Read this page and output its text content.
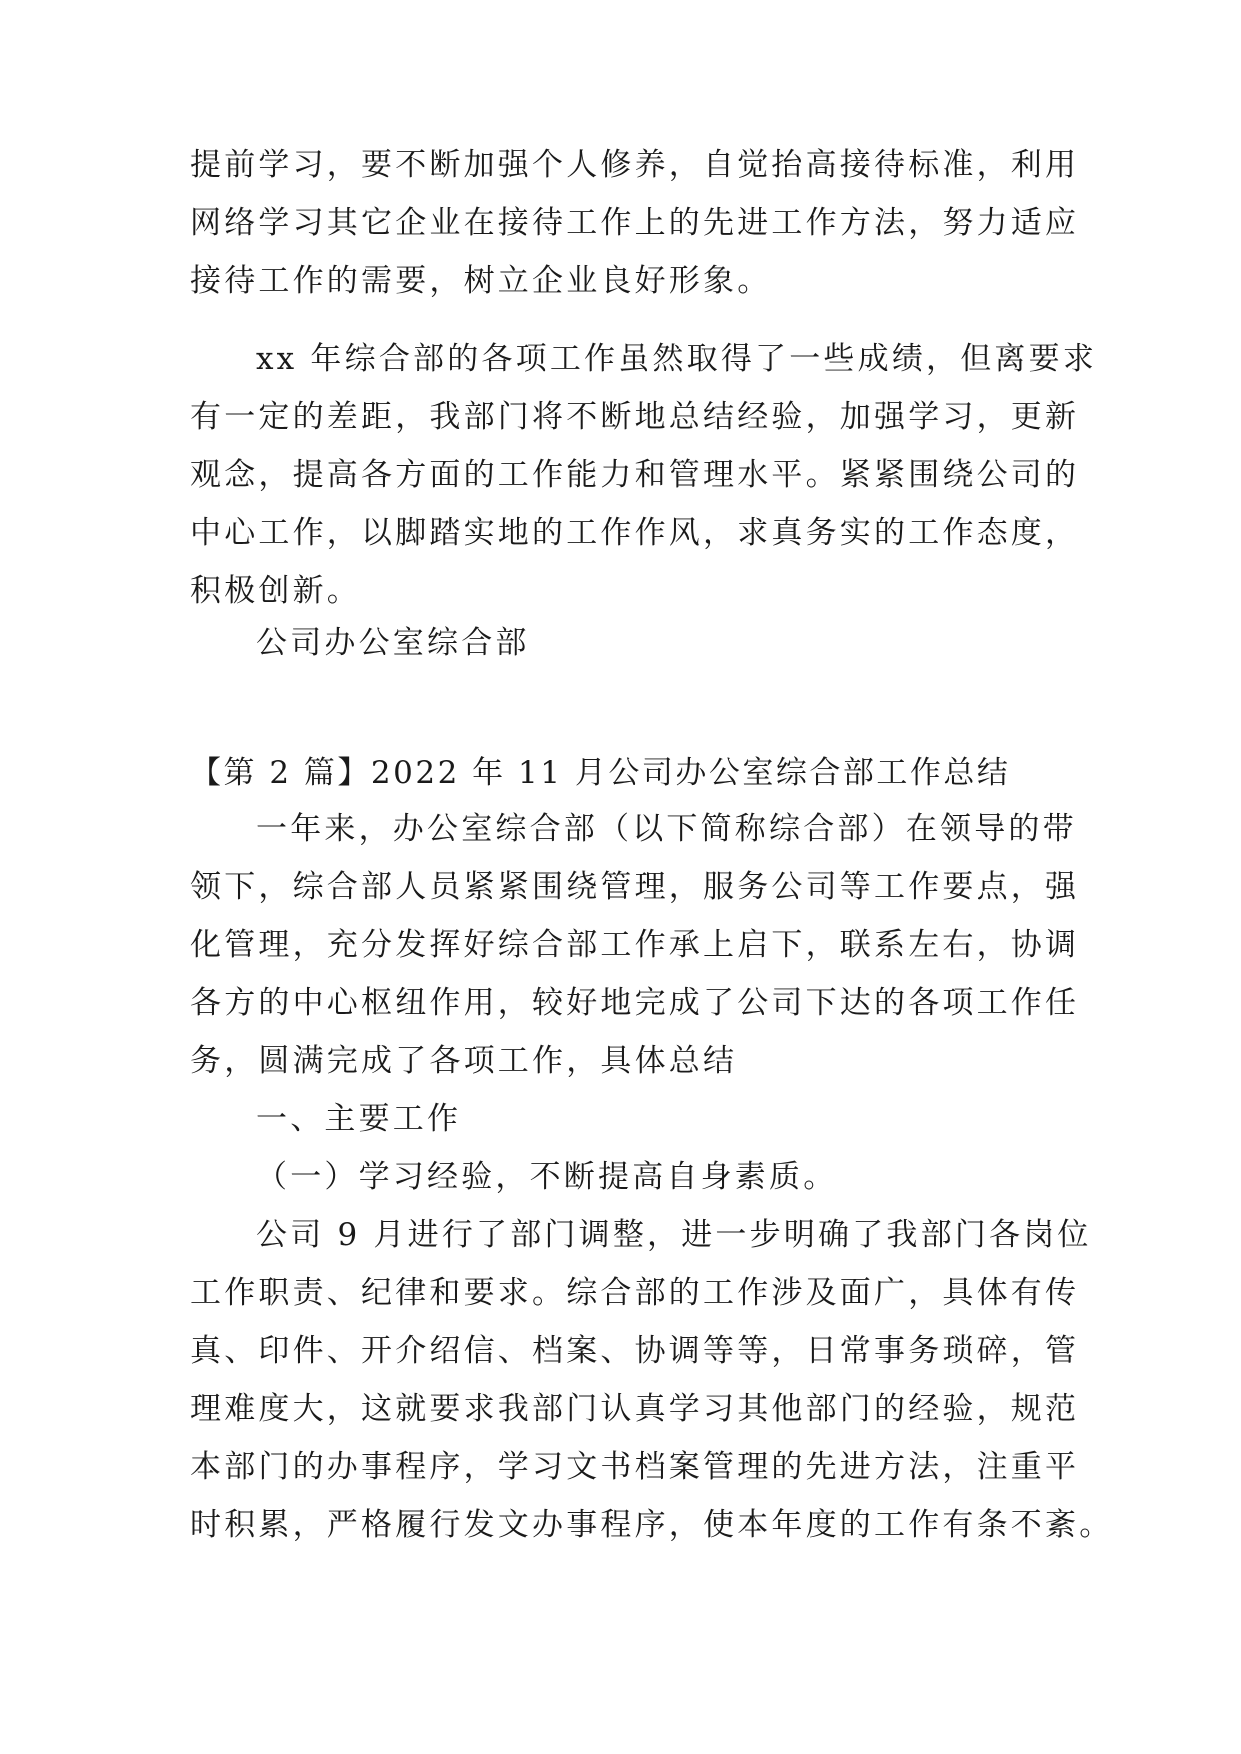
提前学习，要不断加强个人修养，自觉抬高接待标准，利用
网络学习其它企业在接待工作上的先进工作方法，努力适应
接待工作的需要，树立企业良好形象。
xx 年综合部的各项工作虽然取得了一些成绩，但离要求
有一定的差距，我部门将不断地总结经验，加强学习，更新
观念，提高各方面的工作能力和管理水平。紧紧围绕公司的
中心工作，以脚踏实地的工作作风，求真务实的工作态度，
积极创新。
公司办公室综合部
【第 2 篇】2022 年 11 月公司办公室综合部工作总结
一年来，办公室综合部（以下简称综合部）在领导的带
领下，综合部人员紧紧围绕管理，服务公司等工作要点，强
化管理，充分发挥好综合部工作承上启下，联系左右，协调
各方的中心枢纽作用，较好地完成了公司下达的各项工作任
务，圆满完成了各项工作，具体总结
一、主要工作
（一）学习经验，不断提高自身素质。
公司 9 月进行了部门调整，进一步明确了我部门各岗位
工作职责、纪律和要求。综合部的工作涉及面广，具体有传
真、印件、开介绍信、档案、协调等等，日常事务琐碎，管
理难度大，这就要求我部门认真学习其他部门的经验，规范
本部门的办事程序，学习文书档案管理的先进方法，注重平
时积累，严格履行发文办事程序，使本年度的工作有条不紊。
